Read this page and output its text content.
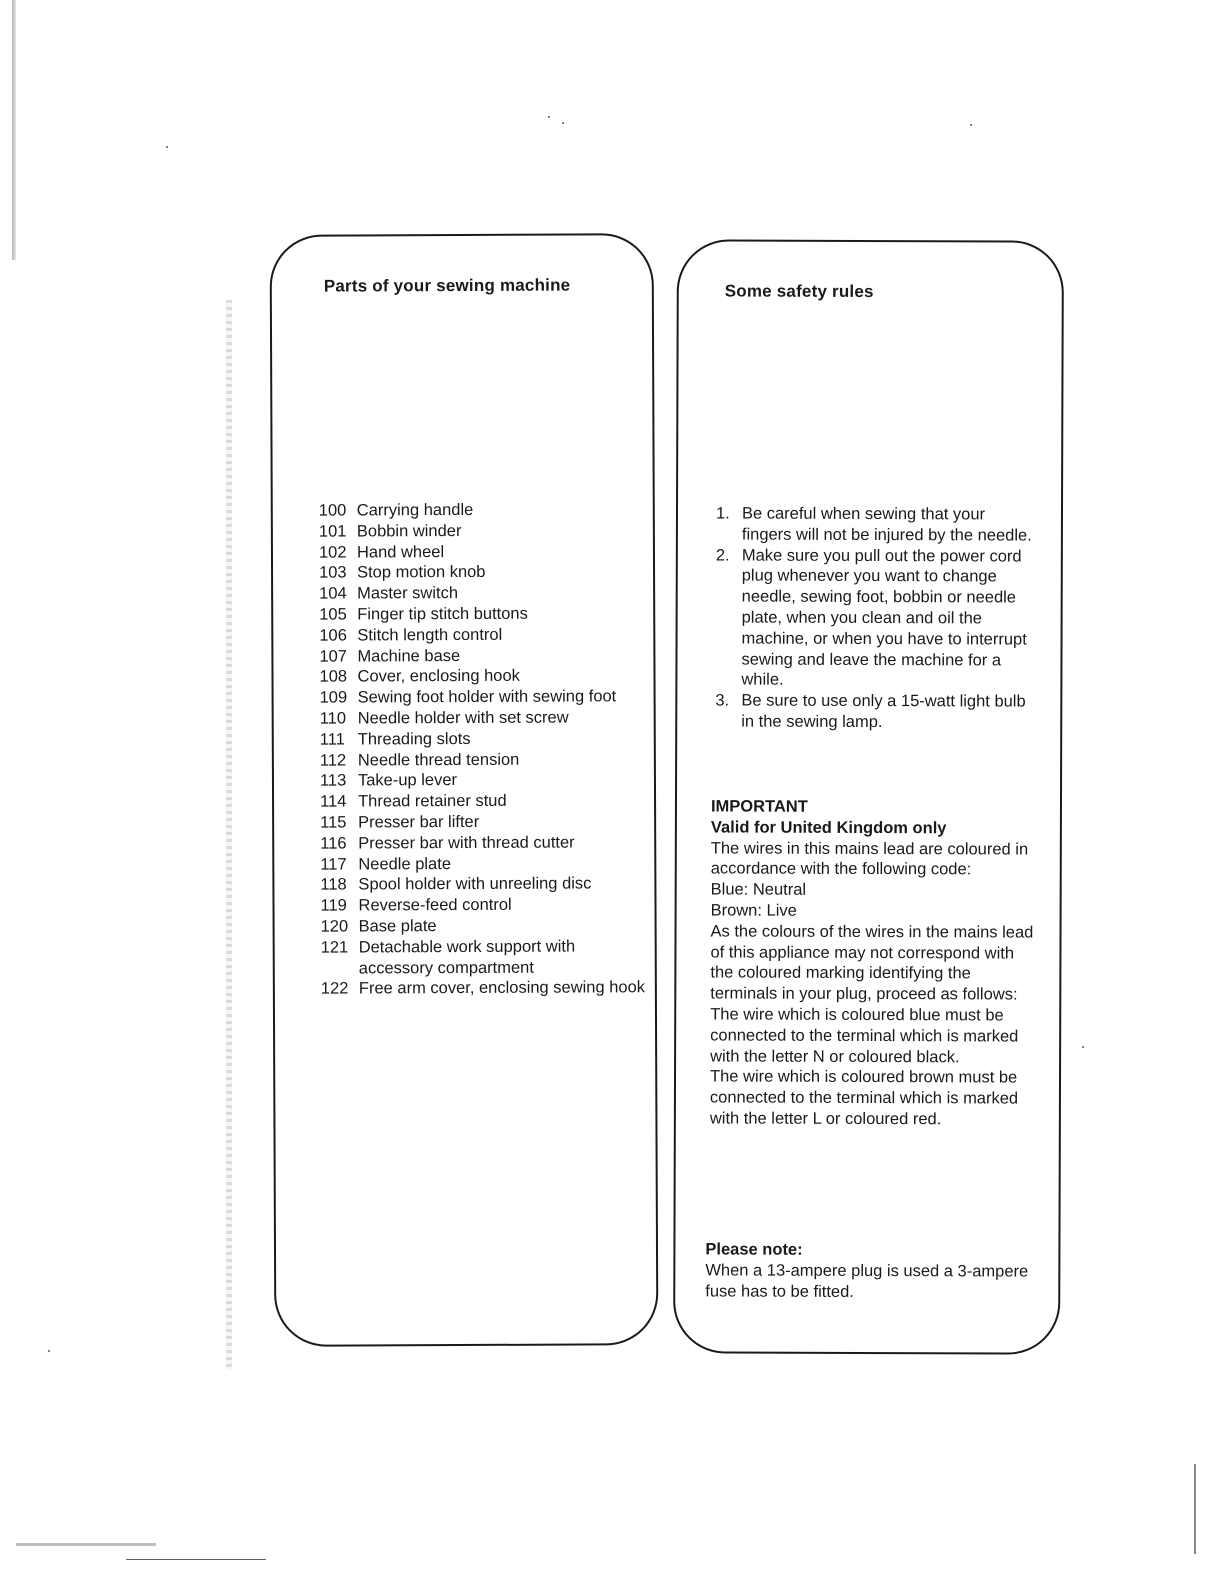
Parts of your sewing machine
100 Carrying handle
101 Bobbin winder
102 Hand wheel
103 Stop motion knob
104 Master switch
105 Finger tip stitch buttons
106 Stitch length control
107 Machine base
108 Cover, enclosing hook
109 Sewing foot holder with sewing foot
110 Needle holder with set screw
111 Threading slots
112 Needle thread tension
113 Take-up lever
114 Thread retainer stud
115 Presser bar lifter
116 Presser bar with thread cutter
117 Needle plate
118 Spool holder with unreeling disc
119 Reverse-feed control
120 Base plate
121 Detachable work support with accessory compartment
122 Free arm cover, enclosing sewing hook
Some safety rules
1. Be careful when sewing that your fingers will not be injured by the needle.
2. Make sure you pull out the power cord plug whenever you want to change needle, sewing foot, bobbin or needle plate, when you clean and oil the machine, or when you have to interrupt sewing and leave the machine for a while.
3. Be sure to use only a 15-watt light bulb in the sewing lamp.

IMPORTANT

Valid for United Kingdom only

The wires in this mains lead are coloured in accordance with the following code:

Blue: Neutral

Brown: Live

As the colours of the wires in the mains lead of this appliance may not correspond with the coloured marking identifying the terminals in your plug, proceed as follows: The wire which is coloured blue must be connected to the terminal which is marked with the letter N or coloured black.

The wire which is coloured brown must be connected to the terminal which is marked with the letter L or coloured red.

Please note:

When a 13-ampere plug is used a 3-ampere fuse has to be fitted.
